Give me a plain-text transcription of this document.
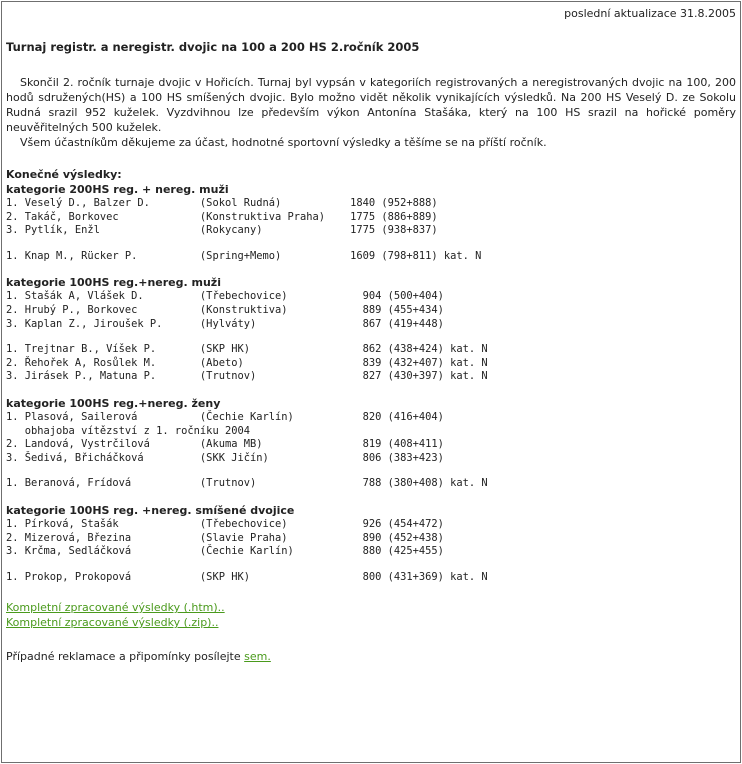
poslední aktualizace 31.8.2005

Turnaj registr. a neregistr. dvojic na 100 a 200 HS 2.ročník 2005

Skončil 2. ročník turnaje dvojic v Hořicích. Turnaj byl vypsán v kategoriích registrovaných a neregistrovaných dvojic na 100, 200 hodů sdružených(HS) a 100 HS smíšených dvojic. Bylo možno vidět několik vynikajících výsledků. Na 200 HS Veselý D. ze Sokolu Rudná srazil 952 kuželek. Vyzdvihnou lze především výkon Antonína Stašáka, který na 100 HS srazil na hořické poměry neuvěřitelných 500 kuželek.

Všem účastníkům děkujeme za účast, hodnotné sportovní výsledky a těšíme se na příští ročník.

Konečné výsledky:

kategorie 200HS reg. + nereg. muži

1. Veselý D., Balzer D.        (Sokol Rudná)           1840 (952+888)
2. Takáč, Borkovec             (Konstruktiva Praha)    1775 (886+889)
3. Pytlík, Enžl                (Rokycany)              1775 (938+837)
1. Knap M., Rücker P.          (Spring+Memo)           1609 (798+811) kat. N

kategorie 100HS reg.+nereg. muži

1. Stašák A, Vlášek D.         (Třebechovice)            904 (500+404)
2. Hrubý P., Borkovec          (Konstruktiva)            889 (455+434)
3. Kaplan Z., Jiroušek P.      (Hylváty)                 867 (419+448)
1. Trejtnar B., Víšek P.       (SKP HK)                  862 (438+424) kat. N
2. Řehořek A, Rosůlek M.       (Abeto)                   839 (432+407) kat. N
3. Jirásek P., Matuna P.       (Trutnov)                 827 (430+397) kat. N

kategorie 100HS reg.+nereg. ženy

1. Plasová, Sailerová          (Čechie Karlín)           820 (416+404)
obhajoba vítězství z 1. ročníku 2004
2. Landová, Vystrčilová        (Akuma MB)                819 (408+411)
3. Šedivá, Břicháčková         (SKK Jičín)               806 (383+423)
1. Beranová, Frídová           (Trutnov)                 788 (380+408) kat. N

kategorie 100HS reg. +nereg. smíšené dvojice

1. Pírková, Stašák             (Třebechovice)            926 (454+472)
2. Mizerová, Březina           (Slavie Praha)            890 (452+438)
3. Krčma, Sedláčková           (Čechie Karlín)           880 (425+455)
1. Prokop, Prokopová           (SKP HK)                  800 (431+369) kat. N
Kompletní zpracované výsledky (.htm)..
Kompletní zpracované výsledky (.zip)..

Případné reklamace a připomínky posílejte sem.
